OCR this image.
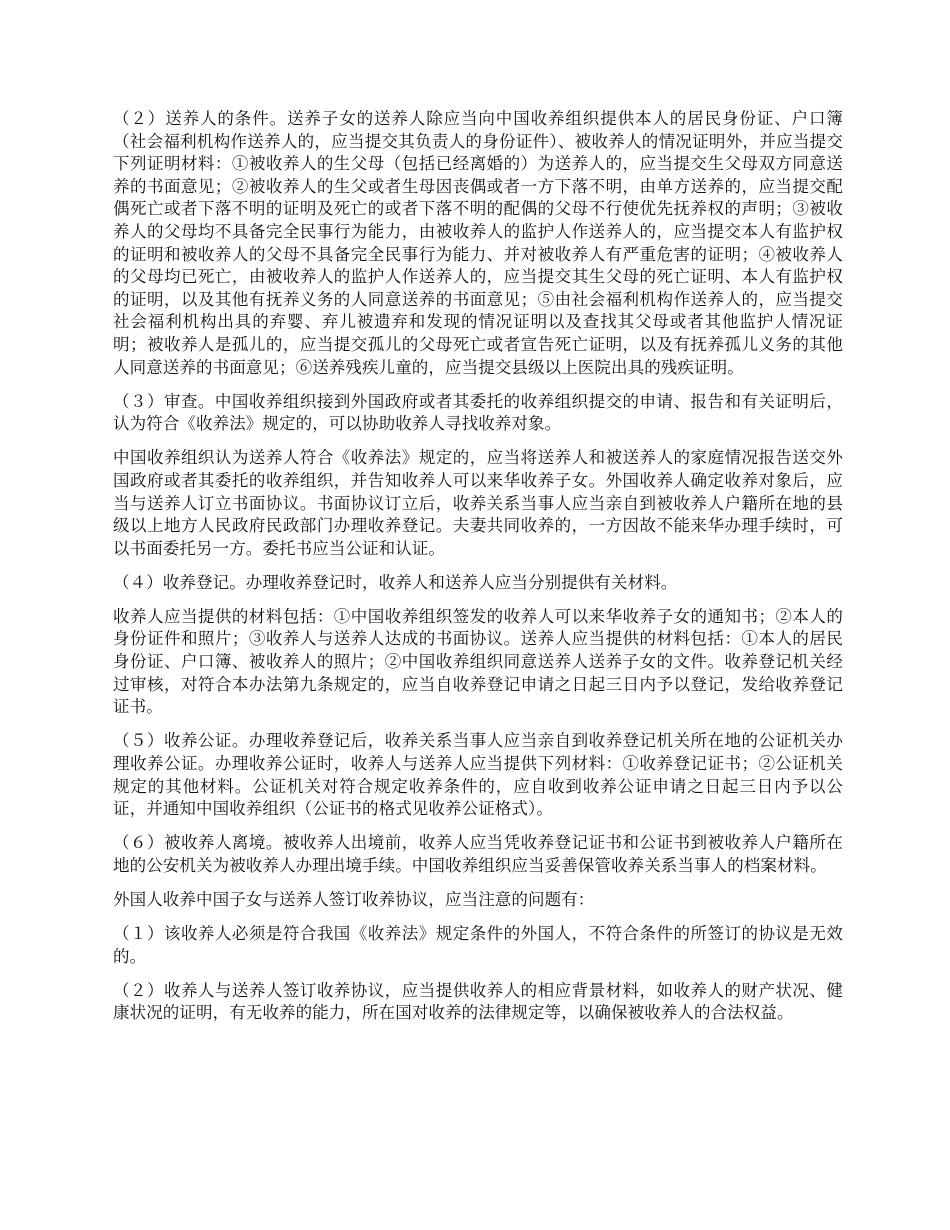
（２）送养人的条件。送养子女的送养人除应当向中国收养组织提供本人的居民身份证、户口簿（社会福利机构作送养人的，应当提交其负责人的身份证件）、被收养人的情况证明外，并应当提交下列证明材料：①被收养人的生父母（包括已经离婚的）为送养人的，应当提交生父母双方同意送养的书面意见；②被收养人的生父或者生母因丧偶或者一方下落不明，由单方送养的，应当提交配偶死亡或者下落不明的证明及死亡的或者下落不明的配偶的父母不行使优先抚养权的声明；③被收养人的父母均不具备完全民事行为能力，由被收养人的监护人作送养人的，应当提交本人有监护权的证明和被收养人的父母不具备完全民事行为能力、并对被收养人有严重危害的证明；④被收养人的父母均已死亡，由被收养人的监护人作送养人的，应当提交其生父母的死亡证明、本人有监护权的证明，以及其他有抚养义务的人同意送养的书面意见；⑤由社会福利机构作送养人的，应当提交社会福利机构出具的弃婴、弃儿被遗弃和发现的情况证明以及查找其父母或者其他监护人情况证明；被收养人是孤儿的，应当提交孤儿的父母死亡或者宣告死亡证明，以及有抚养孤儿义务的其他人同意送养的书面意见；⑥送养残疾儿童的，应当提交县级以上医院出具的残疾证明。

（３）审查。中国收养组织接到外国政府或者其委托的收养组织提交的申请、报告和有关证明后，认为符合《收养法》规定的，可以协助收养人寻找收养对象。

中国收养组织认为送养人符合《收养法》规定的，应当将送养人和被送养人的家庭情况报告送交外国政府或者其委托的收养组织，并告知收养人可以来华收养子女。外国收养人确定收养对象后，应当与送养人订立书面协议。书面协议订立后，收养关系当事人应当亲自到被收养人户籍所在地的县级以上地方人民政府民政部门办理收养登记。夫妻共同收养的，一方因故不能来华办理手续时，可以书面委托另一方。委托书应当公证和认证。

（４）收养登记。办理收养登记时，收养人和送养人应当分别提供有关材料。

收养人应当提供的材料包括：①中国收养组织签发的收养人可以来华收养子女的通知书；②本人的身份证件和照片；③收养人与送养人达成的书面协议。送养人应当提供的材料包括：①本人的居民身份证、户口簿、被收养人的照片；②中国收养组织同意送养人送养子女的文件。收养登记机关经过审核，对符合本办法第九条规定的，应当自收养登记申请之日起三日内予以登记，发给收养登记证书。

（５）收养公证。办理收养登记后，收养关系当事人应当亲自到收养登记机关所在地的公证机关办理收养公证。办理收养公证时，收养人与送养人应当提供下列材料：①收养登记证书；②公证机关规定的其他材料。公证机关对符合规定收养条件的，应自收到收养公证申请之日起三日内予以公证，并通知中国收养组织（公证书的格式见收养公证格式）。

（６）被收养人离境。被收养人出境前，收养人应当凭收养登记证书和公证书到被收养人户籍所在地的公安机关为被收养人办理出境手续。中国收养组织应当妥善保管收养关系当事人的档案材料。

外国人收养中国子女与送养人签订收养协议，应当注意的问题有：

（１）该收养人必须是符合我国《收养法》规定条件的外国人，不符合条件的所签订的协议是无效的。

（２）收养人与送养人签订收养协议，应当提供收养人的相应背景材料，如收养人的财产状况、健康状况的证明，有无收养的能力，所在国对收养的法律规定等，以确保被收养人的合法权益。
